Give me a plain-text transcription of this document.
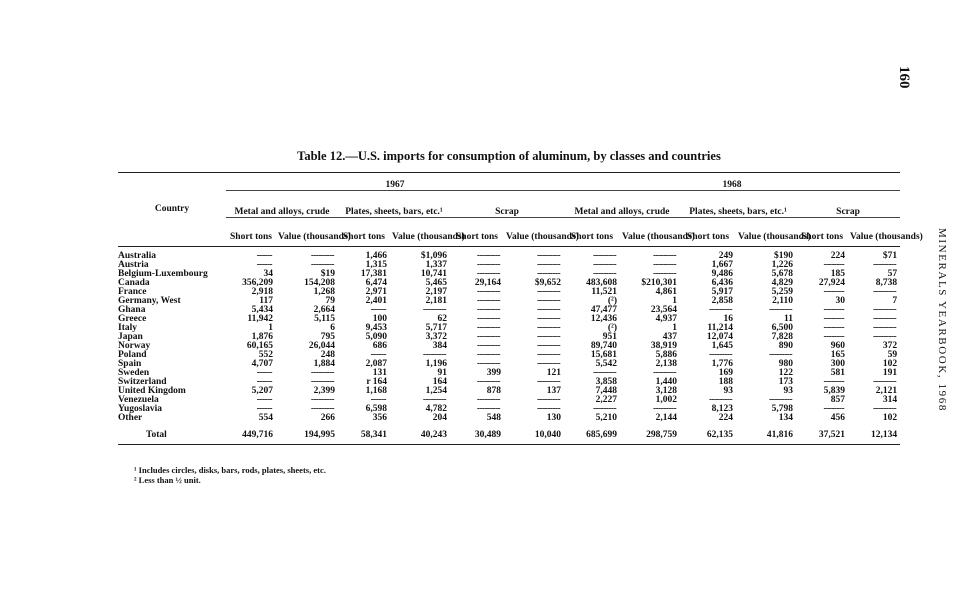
160
MINERALS YEARBOOK, 1968
Table 12.—U.S. imports for consumption of aluminum, by classes and countries
Country	1967						1968					
	Metal and alloys, crude		Plates, sheets, bars, etc.¹		Scrap		Metal and alloys, crude		Plates, sheets, bars, etc.¹		Scrap	
	Short tons	Value (thousands)	Short tons	Value (thousands)	Short tons	Value (thousands)	Short tons	Value (thousands)	Short tons	Value (thousands)	Short tons	Value (thousands)
Australia	------	---------	1,466	$1,096	---------	---------	---------	---------	249	$190	224	$71
Austria	------	---------	1,315	1,337	---------	---------	---------	---------	1,667	1,226	--------	---------
Belgium-Luxembourg	34	$19	17,381	10,741	---------	---------	---------	---------	9,486	5,678	185	57
Canada	356,209	154,208	6,474	5,465	29,164	$9,652	483,608	$210,301	6,436	4,829	27,924	8,738
France	2,918	1,268	2,971	2,197	---------	---------	11,521	4,861	5,917	5,259	--------	---------
Germany, West	117	79	2,401	2,181	---------	---------	(²)	1	2,858	2,110	30	7
Ghana	5,434	2,664	------	---------	---------	---------	47,477	23,564	---------	---------	--------	---------
Greece	11,942	5,115	100	62	---------	---------	12,436	4,937	16	11	--------	---------
Italy	1	6	9,453	5,717	---------	---------	(²)	1	11,214	6,500	--------	---------
Japan	1,876	795	5,090	3,372	---------	---------	951	437	12,074	7,828	--------	---------
Norway	60,165	26,044	686	384	---------	---------	89,740	38,919	1,645	890	960	372
Poland	552	248	------	---------	---------	---------	15,681	5,886	---------	---------	165	59
Spain	4,707	1,884	2,087	1,196	---------	---------	5,542	2,138	1,776	980	300	102
Sweden	------	---------	131	91	399	121	---------	---------	169	122	581	191
Switzerland	------	---------	r 164	164	---------	---------	3,858	1,440	188	173	--------	---------
United Kingdom	5,207	2,399	1,168	1,254	878	137	7,448	3,128	93	93	5,839	2,121
Venezuela	------	---------	------	---------	---------	---------	2,227	1,002	---------	---------	857	314
Yugoslavia	------	---------	6,598	4,782	---------	---------	---------	---------	8,123	5,798	--------	---------
Other	554	266	356	204	548	130	5,210	2,144	224	134	456	102
Total	449,716	194,995	58,341	40,243	30,489	10,040	685,699	298,759	62,135	41,816	37,521	12,134
¹ Includes circles, disks, bars, rods, plates, sheets, etc.
² Less than ½ unit.
